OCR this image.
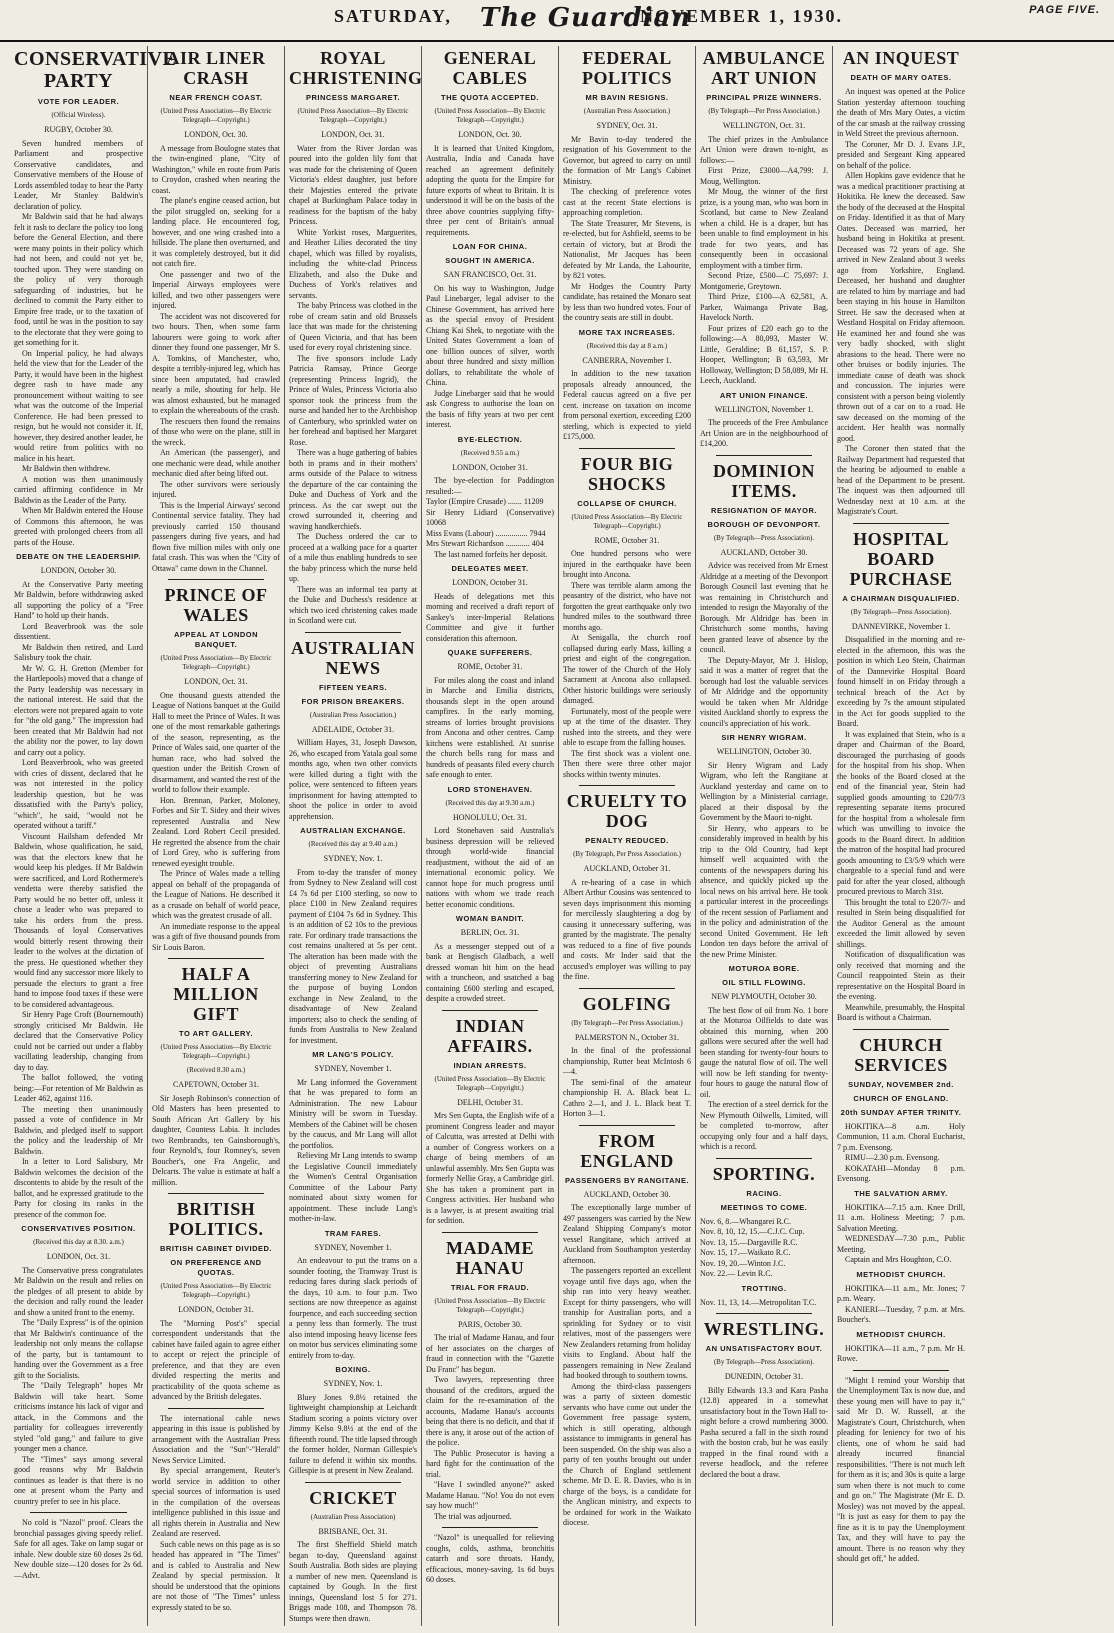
SATURDAY, The Guardian
NOVEMBER 1, 1930.	PAGE FIVE.
CONSERVATIVE PARTY
VOTE FOR LEADER.
(Official Wireless).
RUGBY, October 30.

Seven hundred members of Parliament and prospective Conservative candidates, and Conservative members of the House of Lords assembled today to hear the Party Leader, Mr Stanley Baldwin's declaration of policy.

Mr Baldwin said that he had always felt it rash to declare the policy too long before the General Election, and there were many points in their policy which had not been, and could not yet be, touched upon. They were standing on the policy of very thorough safeguarding of industries, but he declined to commit the Party either to Empire free trade, or to the taxation of food, until he was in the position to say to the electorate that they were going to get something for it.

On Imperial policy, he had always held the view that for the Leader of the Party, it would have been in the highest degree rash to have made any pronouncement without waiting to see what was the outcome of the Imperial Conference. He had been pressed to resign, but he would not consider it. If, however, they desired another leader, he would retire from politics with no malice in his heart.

Mr Baldwin then withdrew.

A motion was then unanimously carried affirming confidence in Mr Baldwin as the Leader of the Party.

When Mr Baldwin entered the House of Commons this afternoon, he was greeted with prolonged cheers from all parts of the House.

DEBATE ON THE LEADERSHIP.
LONDON, October 30.

At the Conservative Party meeting Mr Baldwin, before withdrawing asked all supporting the policy of a "Free Hand" to hold up their hands.

Lord Beaverbrook was the sole dissentient.

Mr Baldwin then retired, and Lord Salisbury took the chair.

Mr W. G. H. Gretton (Member for the Hartlepools) moved that a change of the Party leadership was necessary in the national interest. He said that the electors were not prepared again to vote for "the old gang." The impression had been created that Mr Baldwin had not the ability nor the power, to lay down and carry out a policy.

Lord Beaverbrook, who was greeted with cries of dissent, declared that he was not interested in the policy leadership question, but he was dissatisfied with the Party's policy, "which", he said, "would not be operated without a tariff."

Viscount Hailsham defended Mr Baldwin, whose qualification, he said, was that the electors knew that he would keep his pledges. If Mr Baldwin were sacrificed, and Lord Rothermere's vendetta were thereby satisfied the Party would be no better off, unless it chose a leader who was prepared to take his orders from the press. Thousands of loyal Conservatives would bitterly resent throwing their leader to the wolves at the dictation of the press. He questioned whether they would find any successor more likely to persuade the electors to grant a free hand to impose food taxes if these were to be considered advantageous.

Sir Henry Page Croft (Bournemouth) strongly criticised Mr Baldwin. He declared that the Conservative Policy could not be carried out under a flabby vacillating leadership, changing from day to day.

The ballot followed, the voting being:—For retention of Mr Baldwin as Leader 462, against 116.

The meeting then unanimously passed a vote of confidence in Mr Baldwin, and pledged itself to support the policy and the leadership of Mr Baldwin.

In a letter to Lord Salisbury, Mr Baldwin welcomes the decision of the discontents to abide by the result of the ballot, and he expressed gratitude to the Party for closing its ranks in the presence of the common foe.

CONSERVATIVES POSITION.
(Received this day at 8.30. a.m.)
LONDON, Oct. 31.

The Conservative press congratulates Mr Baldwin on the result and relies on the pledges of all present to abide by the decision and rally round the leader and show a united front to the enemy.

The "Daily Express" is of the opinion that Mr Baldwin's continuance of the leadership not only means the collapse of the party, but is tantamount to handing over the Government as a free gift to the Socialists.

The "Daily Telegraph" hopes Mr Baldwin will take heart. Some criticisms instance his lack of vigor and attack, in the Commons and the partiality for colleagues irreverently styled "old gang," and failure to give younger men a chance.

The "Times" says among several good reasons why Mr Baldwin continues as leader is that there is no one at present whom the Party and country prefer to see in his place.

No cold is "Nazol" proof. Clears the bronchial passages giving speedy relief. Safe for all ages. Take on lamp sugar or inhale. New double size 60 doses 2s 6d. New double size—120 doses for 2s 6d.—Advt.

AIR LINER CRASH
NEAR FRENCH COAST.
(United Press Association—By Electric Telegraph—Copyright.)
LONDON, Oct. 30.

A message from Boulogne states that the twin-engined plane, "City of Washington," while en route from Paris to Croydon, crashed when nearing the coast.

The plane's engine ceased action, but the pilot struggled on, seeking for a landing place. He encountered fog, however, and one wing crashed into a hillside. The plane then overturned, and it was completely destroyed, but it did not catch fire.

One passenger and two of the Imperial Airways employees were killed, and two other passengers were injured.

The accident was not discovered for two hours. Then, when some farm labourers were going to work after dinner they found one passenger, Mr S. A. Tomkins, of Manchester, who, despite a terribly-injured leg, which has since been amputated, had crawled nearly a mile, shouting for help. He was almost exhausted, but he managed to explain the whereabouts of the crash.

The rescuers then found the remains of those who were on the plane, still in the wreck.

An American (the passenger), and one mechanic were dead, while another mechanic died after being lifted out.

The other survivors were seriously injured.

This is the Imperial Airways' second Continental service fatality. They had previously carried 150 thousand passengers during five years, and had flown five million miles with only one fatal crash. This was when the "City of Ottawa" came down in the Channel.

PRINCE OF WALES
APPEAL AT LONDON BANQUET.
(United Press Association—By Electric Telegraph—Copyright.)
LONDON, Oct. 31.

One thousand guests attended the League of Nations banquet at the Guild Hall to meet the Prince of Wales. It was one of the most remarkable gatherings of the season, representing, as the Prince of Wales said, one quarter of the human race, who had solved the question under the British Crown of disarmament, and wanted the rest of the world to follow their example.

Hon. Brennan, Parker, Moloney, Forbes and Sir T. Sidey and their wives represented Australia and New Zealand. Lord Robert Cecil presided. He regretted the absence from the chair of Lord Grey, who is suffering from renewed eyesight trouble.

The Prince of Wales made a telling appeal on behalf of the propaganda of the League of Nations. He described it as a crusade on behalf of world peace, which was the greatest crusade of all.

An immediate response to the appeal was a gift of five thousand pounds from Sir Louis Baron.

HALF A MILLION GIFT
TO ART GALLERY.
(United Press Association—By Electric Telegraph—Copyright.)
(Received 8.30 a.m.)
CAPETOWN, October 31.

Sir Joseph Robinson's connection of Old Masters has been presented to South African Art Gallery by his daughter, Countess Labia. It includes two Rembrandts, ten Gainsborough's, four Reynold's, four Romney's, seven Boucher's, one Fra Angelic, and Delcarts. The value is estimate at half a million.

BRITISH POLITICS.
BRITISH CABINET DIVIDED.
ON PREFERENCE AND QUOTAS.
(United Press Association—By Electric Telegraph—Copyright.)
LONDON, October 31.

The "Morning Post's" special correspondent understands that the cabinet have failed again to agree either to accept or reject the principle of preference, and that they are even divided respecting the merits and practicability of the quota scheme as advanced by the British delegates.

The international cable news appearing in this issue is published by arrangement with the Australian Press Association and the "Sun"-"Herald" News Service Limited.

By special arrangement, Reuter's world service in addition to other special sources of information is used in the compilation of the overseas intelligence published in this issue and all rights therein in Australia and New Zealand are reserved.

Such cable news on this page as is so headed has appeared in "The Times" and is cabled to Australia and New Zealand by special permission. It should be understood that the opinions are not those of "The Times" unless expressly stated to be so.

ROYAL CHRISTENING
PRINCESS MARGARET.
(United Press Association—By Electric Telegraph—Copyright.)
LONDON, Oct. 31.

Water from the River Jordan was poured into the golden lily font that was made for the christening of Queen Victoria's eldest daughter, just before their Majesties entered the private chapel at Buckingham Palace today in readiness for the baptism of the baby Princess.

White Yorkist roses, Marguerites, and Heather Lilies decorated the tiny chapel, which was filled by royalists, including the white-clad Princess Elizabeth, and also the Duke and Duchess of York's relatives and servants.

The baby Princess was clothed in the robe of cream satin and old Brussels lace that was made for the christening of Queen Victoria, and that has been used for every royal christening since.

The five sponsors include Lady Patricia Ramsay, Prince George (representing Princess Ingrid), the Prince of Wales, Princess Victoria also sponsor took the princess from the nurse and handed her to the Archbishop of Canterbury, who sprinkled water on her forehead and baptised her Margaret Rose.

There was a huge gathering of babies both in prams and in their mothers' arms outside of the Palace to witness the departure of the car containing the Duke and Duchess of York and the princess. As the car swept out the crowd surrounded it, cheering and waving handkerchiefs.

The Duchess ordered the car to proceed at a walking pace for a quarter of a mile thus enabling hundreds to see the baby princess which the nurse held up.

There was an informal tea party at the Duke and Duchess's residence at which two iced christening cakes made in Scotland were cut.

AUSTRALIAN NEWS
FIFTEEN YEARS.
FOR PRISON BREAKERS.
(Australian Press Association.)
ADELAIDE, October 31.

William Hayes, 31, Joseph Dawson, 26, who escaped from Yatala goal some months ago, when two other convicts were killed during a fight with the police, were sentenced to fifteen years imprisonment for having attempted to shoot the police in order to avoid apprehension.

AUSTRALIAN EXCHANGE.
(Received this day at 9.40 a.m.)
SYDNEY, Nov. 1.

From to-day the transfer of money from Sydney to New Zealand will cost £4 7s 6d per £100 sterling, so now to place £100 in New Zealand requires payment of £104 7s 6d in Sydney. This is an addition of £2 10s to the previous rate. For ordinary trade transactions the cost remains unaltered at 5s per cent. The alteration has been made with the object of preventing Australians transferring money to New Zealand for the purpose of buying London exchange in New Zealand, to the disadvantage of New Zealand importers; also to check the sending of funds from Australia to New Zealand for investment.

MR LANG'S POLICY.
SYDNEY, November 1.

Mr Lang informed the Government that he was prepared to form an Administration. The new Labour Ministry will be sworn in Tuesday. Members of the Cabinet will be chosen by the caucus, and Mr Lang will allot the portfolios.

Relieving Mr Lang intends to swamp the Legislative Council immediately the Women's Central Organisation Committee of the Labour Party nominated about sixty women for appointment. These include Lang's mother-in-law.

TRAM FARES.
SYDNEY, November 1.

An endeavour to put the trams on a sounder footing, the Tramway Trust is reducing fares during slack periods of the days, 10 a.m. to four p.m. Two sections are now threepence as against fourpence, and each succeeding section a penny less than formerly. The trust also intend imposing heavy license fees on motor bus services eliminating some entirely from to-day.

BOXING.
SYDNEY, Nov. 1.

Bluey Jones 9.8½ retained the lightweight championship at Leichardt Stadium scoring a points victory over Jimmy Kelso 9.8½ at the end of the fifteenth round. The title lapsed through the former holder, Norman Gillespie's failure to defend it within six months. Gillespie is at present in New Zealand.

CRICKET
(Australian Press Association)
BRISBANE, Oct. 31.

The first Sheffield Shield match began to-day, Queensland against South Australia. Both sides are playing a number of new men. Queensland is captained by Gough. In the first innings, Queensland lost 5 for 271. Briggs made 108, and Thompson 78. Stumps were then drawn.

GENERAL CABLES
THE QUOTA ACCEPTED.
(United Press Association—By Electric Telegraph—Copyright.)
LONDON, Oct. 30.

It is learned that United Kingdom, Australia, India and Canada have reached an agreement definitely adopting the quota for the Empire for future exports of wheat to Britain. It is understood it will be on the basis of the three above countries supplying fifty-three per cent of Britain's annual requirements.

LOAN FOR CHINA.
SOUGHT IN AMERICA.
SAN FRANCISCO, Oct. 31.

On his way to Washington, Judge Paul Linebarger, legal adviser to the Chinese Government, has arrived here as the special envoy of President Chiang Kai Shek, to negotiate with the United States Government a loan of one billion ounces of silver, worth about three hundred and sixty million dollars, to rehabilitate the whole of China.

Judge Linebarger said that he would ask Congress to authorise the loan on the basis of fifty years at two per cent interest.

BYE-ELECTION.
(Received 9.55 a.m.)
LONDON, October 31.

The bye-election for Paddington resulted:—

Taylor (Empire Crusade) ....... 11209
Sir Henry Lidiard (Conservative) 10068
Miss Evans (Labour) ................ 7944
Mrs Stewart Richardson ............ 404

The last named forfeits her deposit.

DELEGATES MEET.
LONDON, October 31.

Heads of delegations met this morning and received a draft report of Sankey's inter-Imperial Relations Committee and give it further consideration this afternoon.

QUAKE SUFFERERS.
ROME, October 31.

For miles along the coast and inland in Marche and Emilia districts, thousands slept in the open around campfires. In the early morning, streams of lorries brought provisions from Ancona and other centres. Camp kitchens were established. At sunrise the church bells rang for mass and hundreds of peasants filed every church safe enough to enter.

LORD STONEHAVEN.
(Received this day at 9.30 a.m.)
HONOLULU, Oct. 31.

Lord Stonehaven said Australia's business depression will be relieved through world-wide financial readjustment, without the aid of an international economic policy. We cannot hope for much progress until nations with whom we trade reach better economic conditions.

WOMAN BANDIT.
BERLIN, Oct. 31.

As a messenger stepped out of a bank at Bengisch Gladbach, a well dressed woman hit him on the head with a truncheon, and snatched a bag containing £600 sterling and escaped, despite a crowded street.

INDIAN AFFAIRS.
INDIAN ARRESTS.
(United Press Association—By Electric Telegraph—Copyright.)
DELHI, October 31.

Mrs Sen Gupta, the English wife of a prominent Congress leader and mayor of Calcutta, was arrested at Delhi with a number of Congress workers on a charge of being members of an unlawful assembly. Mrs Sen Gupta was formerly Nellie Gray, a Cambridge girl. She has taken a prominent part in Congress activities. Her husband who is a lawyer, is at present awaiting trial for sedition.

MADAME HANAU
TRIAL FOR FRAUD.
(United Press Association—By Electric Telegraph—Copyright.)
PARIS, October 30.

The trial of Madame Hanau, and four of her associates on the charges of fraud in connection with the "Gazette Du Franc" has begun.

Two lawyers, representing three thousand of the creditors, argued the claim for the re-examination of the accounts, Madame Hanau's accounts being that there is no deficit, and that if there is any, it arose out of the action of the police.

The Public Prosecutor is having a hard fight for the continuation of the trial.

"Have I swindled anyone?" asked Madame Hanau. "No! You do not even say how much!"

The trial was adjourned.

"Nazol" is unequalled for relieving coughs, colds, asthma, bronchitis catarrh and sore throats. Handy, efficacious, money-saving. 1s 6d buys 60 doses.

FEDERAL POLITICS
MR BAVIN RESIGNS.
(Australian Press Association.)
SYDNEY, Oct. 31.

Mr Bavin to-day tendered the resignation of his Government to the Governor, but agreed to carry on until the formation of Mr Lang's Cabinet Ministry.

The checking of preference votes cast at the recent State elections is approaching completion.

The State Treasurer, Mr Stevens, is re-elected, but for Ashfield, seems to be certain of victory, but at Brodi the Nationalist, Mr Jacques has been defeated by Mr Landa, the Labourite, by 821 votes.

Mr Hodges the Country Party candidate, has retained the Monaro seat by less than two hundred votes. Four of the country seats are still in doubt.

MORE TAX INCREASES.
(Received this day at 8 a.m.)
CANBERRA, November 1.

In addition to the new taxation proposals already announced, the Federal caucus agreed on a five per cent. increase on taxation on income from personal exertion, exceeding £200 sterling, which is expected to yield £175,000.

FOUR BIG SHOCKS
COLLAPSE OF CHURCH.
(United Press Association—By Electric Telegraph—Copyright.)
ROME, October 31.

One hundred persons who were injured in the earthquake have been brought into Ancona.

There was terrible alarm among the peasantry of the district, who have not forgotten the great earthquake only two hundred miles to the southward three months ago.

At Senigalla, the church roof collapsed during early Mass, killing a priest and eight of the congregation. The tower of the Church of the Holy Sacrament at Ancona also collapsed. Other historic buildings were seriously damaged.

Fortunately, most of the people were up at the time of the disaster. They rushed into the streets, and they were able to escape from the falling houses.

The first shock was a violent one. Then there were three other major shocks within twenty minutes.

CRUELTY TO DOG
PENALTY REDUCED.
(By Telegraph, Per Press Association.)
AUCKLAND, October 31.

A re-hearing of a case in which Albert Arthur Cousins was sentenced to seven days imprisonment this morning for mercilessly slaughtering a dog by causing it unnecessary suffering, was granted by the magistrate. The penalty was reduced to a fine of five pounds and costs. Mr Inder said that the accused's employer was willing to pay the fine.

GOLFING
(By Telegraph—Per Press Association.)
PALMERSTON N., October 31.

In the final of the professional championship, Rutter beat McIntosh 6—4.

The semi-final of the amateur championship H. A. Black beat L. Cathro 2—1, and J. L. Black beat T. Horton 3—1.

FROM ENGLAND
PASSENGERS BY RANGITANE.
AUCKLAND, October 30.

The exceptionally large number of 497 passengers was carried by the New Zealand Shipping Company's motor vessel Rangitane, which arrived at Auckland from Southampton yesterday afternoon.

The passengers reported an excellent voyage until five days ago, when the ship ran into very heavy weather. Except for thirty passengers, who will tranship for Australian ports, and a sprinkling for Sydney or to visit relatives, most of the passengers were New Zealanders returning from holiday visits to England. About half the passengers remaining in New Zealand had booked through to southern towns.

Among the third-class passengers was a party of sixteen domestic servants who have come out under the Government free passage system, which is still operating, although assistance to immigrants in general has been suspended. On the ship was also a party of ten youths brought out under the Church of England settlement scheme. Mr D. E. R. Davies, who is in charge of the boys, is a candidate for the Anglican ministry, and expects to be ordained for work in the Waikato diocese.

AMBULANCE ART UNION
PRINCIPAL PRIZE WINNERS.
(By Telegraph—Per Press Association.)
WELLINGTON, Oct. 31.

The chief prizes in the Ambulance Art Union were drawn to-night, as follows:—

First Prize, £3000—A4,799: J. Moug, Wellington.

Mr Moug, the winner of the first prize, is a young man, who was born in Scotland, but came to New Zealand when a child. He is a draper, but has been unable to find employment in his trade for two years, and has consequently been in occasional employment with a timber firm.

Second Prize, £500—C 75,697: J. Montgomerie, Greytown.

Third Prize, £100—A 62,581, A. Parker, Waimanga Private Bag, Havelock North.

Four prizes of £20 each go to the following:—A 80,093, Master W. Little, Geraldine; B 61,157, S. P. Hooper, Wellington; B 63,593, Mr Holloway, Wellington; D 58,089, Mr H. Leech, Auckland.

ART UNION FINANCE.
WELLINGTON, November 1.

The proceeds of the Free Ambulance Art Union are in the neighbourhood of £14,200.

DOMINION ITEMS.
RESIGNATION OF MAYOR.
BOROUGH OF DEVONPORT.
(By Telegraph—Press Association).
AUCKLAND, October 30.

Advice was received from Mr Ernest Aldridge at a meeting of the Devonport Borough Council last evening that he was remaining in Christchurch and intended to resign the Mayoralty of the Borough. Mr Aldridge has been in Christchurch some months, having been granted leave of absence by the council.

The Deputy-Mayor, Mr J. Hislop, said it was a matter of regret that the borough had lost the valuable services of Mr Aldridge and the opportunity would be taken when Mr Aldridge visited Auckland shortly to express the council's appreciation of his work.

SIR HENRY WIGRAM.
WELLINGTON, October 30.

Sir Henry Wigram and Lady Wigram, who left the Rangitane at Auckland yesterday and came on to Wellington by a Ministerial carriage, placed at their disposal by the Government by the Maori to-night.

Sir Henry, who appears to be considerably improved in health by his trip to the Old Country, had kept himself well acquainted with the contents of the newspapers during his absence, and quickly picked up the local news on his arrival here. He took a particular interest in the proceedings of the recent session of Parliament and in the policy and administration of the second United Government. He left London ten days before the arrival of the new Prime Minister.

MOTUROA BORE.
OIL STILL FLOWING.
NEW PLYMOUTH, October 30.

The best flow of oil from No. 1 bore at the Moturoa Oilfields to date was obtained this morning, when 200 gallons were secured after the well had been standing for twenty-four hours to gauge the natural flow of oil. The well will now be left standing for twenty-four hours to gauge the natural flow of oil.

The erection of a steel derrick for the New Plymouth Oilwells, Limited, will be completed to-morrow, after occupying only four and a half days, which is a record.

SPORTING.
RACING.
MEETINGS TO COME.
Nov. 6, 8.—Whangarei R.C.
Nov. 8, 10, 12, 15.—C.J.C. Cup.
Nov. 13, 15.—Dargaville R.C.
Nov. 15, 17.—Waikato R.C.
Nov. 19, 20.—Winton J.C.
Nov. 22.— Levin R.C.
TROTTING.
Nov. 11, 13, 14.—Metropolitan T.C.
WRESTLING.
AN UNSATISFACTORY BOUT.
(By Telegraph—Press Association).
DUNEDIN, October 31.

Billy Edwards 13.3 and Kara Pasha (12.8) appeared in a somewhat unsatisfactory bout in the Town Hall to-night before a crowd numbering 3000. Pasha secured a fall in the sixth round with the boston crab, but he was easily trapped in the final round with a reverse headlock, and the referee declared the bout a draw.

AN INQUEST
DEATH OF MARY OATES.

An inquest was opened at the Police Station yesterday afternoon touching the death of Mrs Mary Oates, a victim of the car smash at the railway crossing in Weld Street the previous afternoon.

The Coroner, Mr D. J. Evans J.P., presided and Sergeant King appeared on behalf of the police.

Allen Hopkins gave evidence that he was a medical practitioner practising at Hokitika. He knew the deceased. Saw the body of the deceased at the Hospital on Friday. Identified it as that of Mary Oates. Deceased was married, her husband being in Hokitika at present. Deceased was 72 years of age. She arrived in New Zealand about 3 weeks ago from Yorkshire, England. Deceased, her husband and daughter are related to him by marriage and had been staying in his house in Hamilton Street. He saw the deceased when at Westland Hospital on Friday afternoon. He examined her and found she was very badly shocked, with slight abrasions to the head. There were no other bruises or bodily injuries. The immediate cause of death was shock and concussion. The injuries were consistent with a person being violently thrown out of a car on to a road. He saw deceased on the morning of the accident. Her health was normally good.

The Coroner then stated that the Railway Department had requested that the hearing be adjourned to enable a head of the Department to be present. The inquest was then adjourned till Wednesday next at 10 a.m. at the Magistrate's Court.

HOSPITAL BOARD PURCHASE
A CHAIRMAN DISQUALIFIED.
(By Telegraph—Press Association).
DANNEVIRKE, November 1.

Disqualified in the morning and re-elected in the afternoon, this was the position in which Leo Stein, Chairman of the Dannevirke Hospital Board found himself in on Friday through a technical breach of the Act by exceeding by 7s the amount stipulated in the Act for goods supplied to the Board.

It was explained that Stein, who is a draper and Chairman of the Board, discouraged the purchasing of goods for the hospital from his shop. When the books of the Board closed at the end of the financial year, Stein had supplied goods amounting to £20/7/3 representing separate items procured for the hospital from a wholesale firm which was unwilling to invoice the goods to the Board direct. In addition the matron of the hospital had procured goods amounting to £3/5/9 which were chargeable to a special fund and were paid for after the year closed, although procured previous to March 31st.

This brought the total to £20/7/- and resulted in Stein being disqualified for the Auditor General as the amount exceeded the limit allowed by seven shillings.

Notification of disqualification was only received that morning and the Council reappointed Stein as their representative on the Hospital Board in the evening.

Meanwhile, presumably, the Hospital Board is without a Chairman.

CHURCH SERVICES
SUNDAY, NOVEMBER 2nd.
CHURCH OF ENGLAND.
20th SUNDAY AFTER TRINITY.

HOKITIKA—8 a.m. Holy Communion, 11 a.m. Choral Eucharist, 7 p.m. Evensong.

RIMU—2.30 p.m. Evensong.

KOKATAHI—Monday 8 p.m. Evensong.

THE SALVATION ARMY.

HOKITIKA—7.15 a.m. Knee Drill, 11 a.m. Holiness Meeting; 7 p.m. Salvation Meeting.

WEDNESDAY—7.30 p.m., Public Meeting.

Captain and Mrs Houghton, C.O.

METHODIST CHURCH.

HOKITIKA—11 a.m., Mr. Jones; 7 p.m. Weary.

KANIERI—Tuesday, 7 p.m. at Mrs. Boucher's.

METHODIST CHURCH.

HOKITIKA—11 a.m., 7 p.m. Mr H. Rowe.

"Might I remind your Worship that the Unemployment Tax is now due, and these young men will have to pay it," said Mr D. W. Russell, at the Magistrate's Court, Christchurch, when pleading for leniency for two of his clients, one of whom he said had already incurred financial responsibilities. "There is not much left for them as it is; and 30s is quite a large sum when there is not much to come and go on." The Magistrate (Mr E. D. Mosley) was not moved by the appeal. "It is just as easy for them to pay the fine as it is to pay the Unemployment Tax, and they will have to pay the amount. There is no reason why they should get off," he added.
